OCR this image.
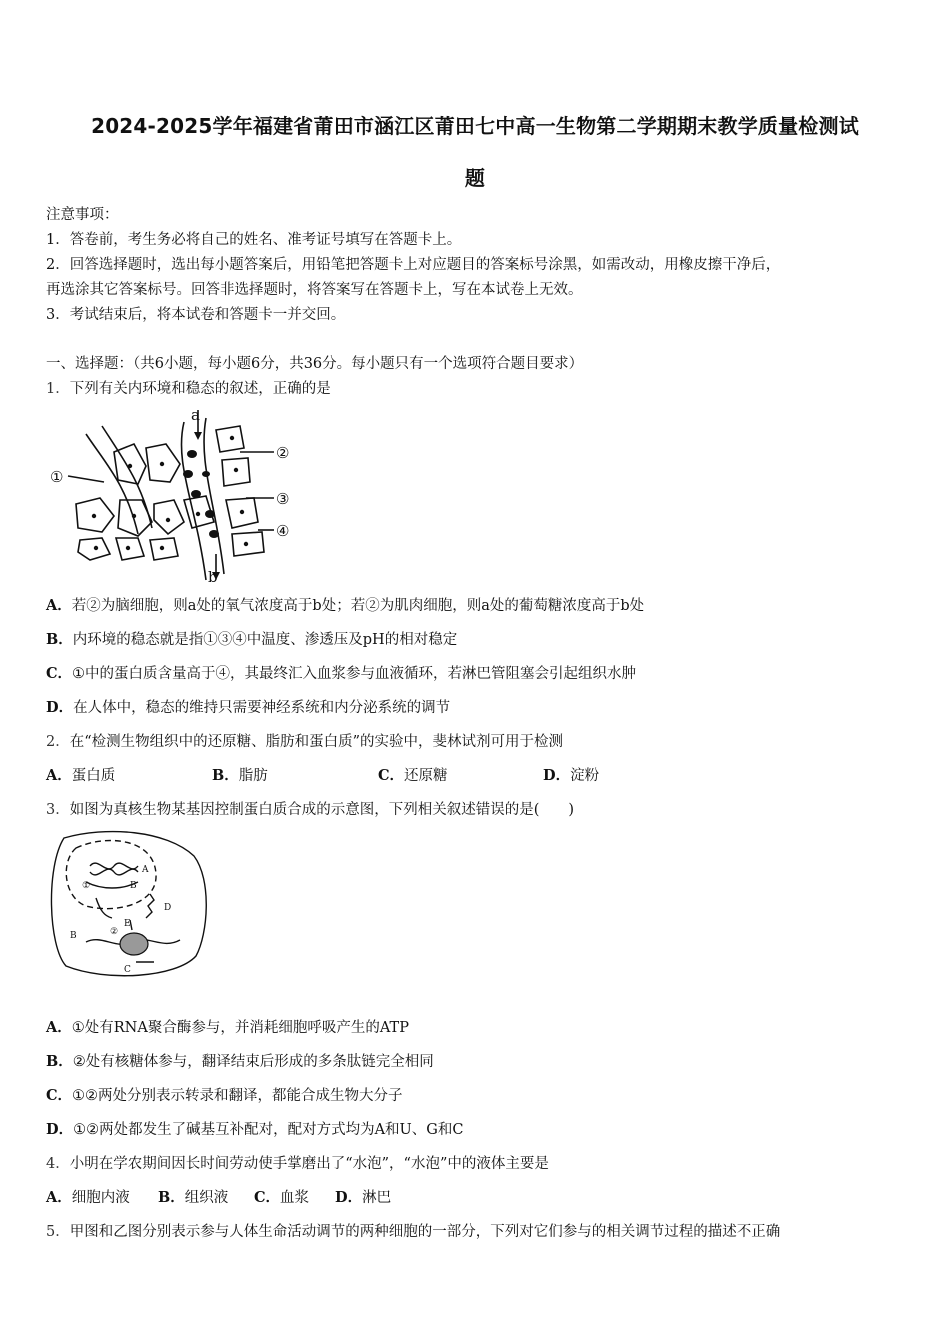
2024-2025学年福建省莆田市涵江区莆田七中高一生物第二学期期末教学质量检测试
题
注意事项：
1．答卷前，考生务必将自己的姓名、准考证号填写在答题卡上。
2．回答选择题时，选出每小题答案后，用铅笔把答题卡上对应题目的答案标号涂黑，如需改动，用橡皮擦干净后，
再选涂其它答案标号。回答非选择题时，将答案写在答题卡上，写在本试卷上无效。
3．考试结束后，将本试卷和答题卡一并交回。
一、选择题：（共6小题，每小题6分，共36分。每小题只有一个选项符合题目要求）
1．下列有关内环境和稳态的叙述，正确的是
a
b
①
②
③
④
A．若②为脑细胞，则a处的氧气浓度高于b处；若②为肌肉细胞，则a处的葡萄糖浓度高于b处
B．内环境的稳态就是指①③④中温度、渗透压及pH的相对稳定
C．①中的蛋白质含量高于④，其最终汇入血浆参与血液循环，若淋巴管阻塞会引起组织水肿
D．在人体中，稳态的维持只需要神经系统和内分泌系统的调节
2．在“检测生物组织中的还原糖、脂肪和蛋白质”的实验中，斐林试剂可用于检测
A．蛋白质	B．脂肪	C．还原糖	D．淀粉
3．如图为真核生物某基因控制蛋白质合成的示意图，下列相关叙述错误的是(　　)
A
B
B
C
D
E
①
②
A．①处有RNA聚合酶参与，并消耗细胞呼吸产生的ATP
B．②处有核糖体参与，翻译结束后形成的多条肽链完全相同
C．①②两处分别表示转录和翻译，都能合成生物大分子
D．①②两处都发生了碱基互补配对，配对方式均为A和U、G和C
4．小明在学农期间因长时间劳动使手掌磨出了“水泡”，“水泡”中的液体主要是
A．细胞内液 B．组织液 C．血浆 D．淋巴
5．甲图和乙图分别表示参与人体生命活动调节的两种细胞的一部分，下列对它们参与的相关调节过程的描述不正确
